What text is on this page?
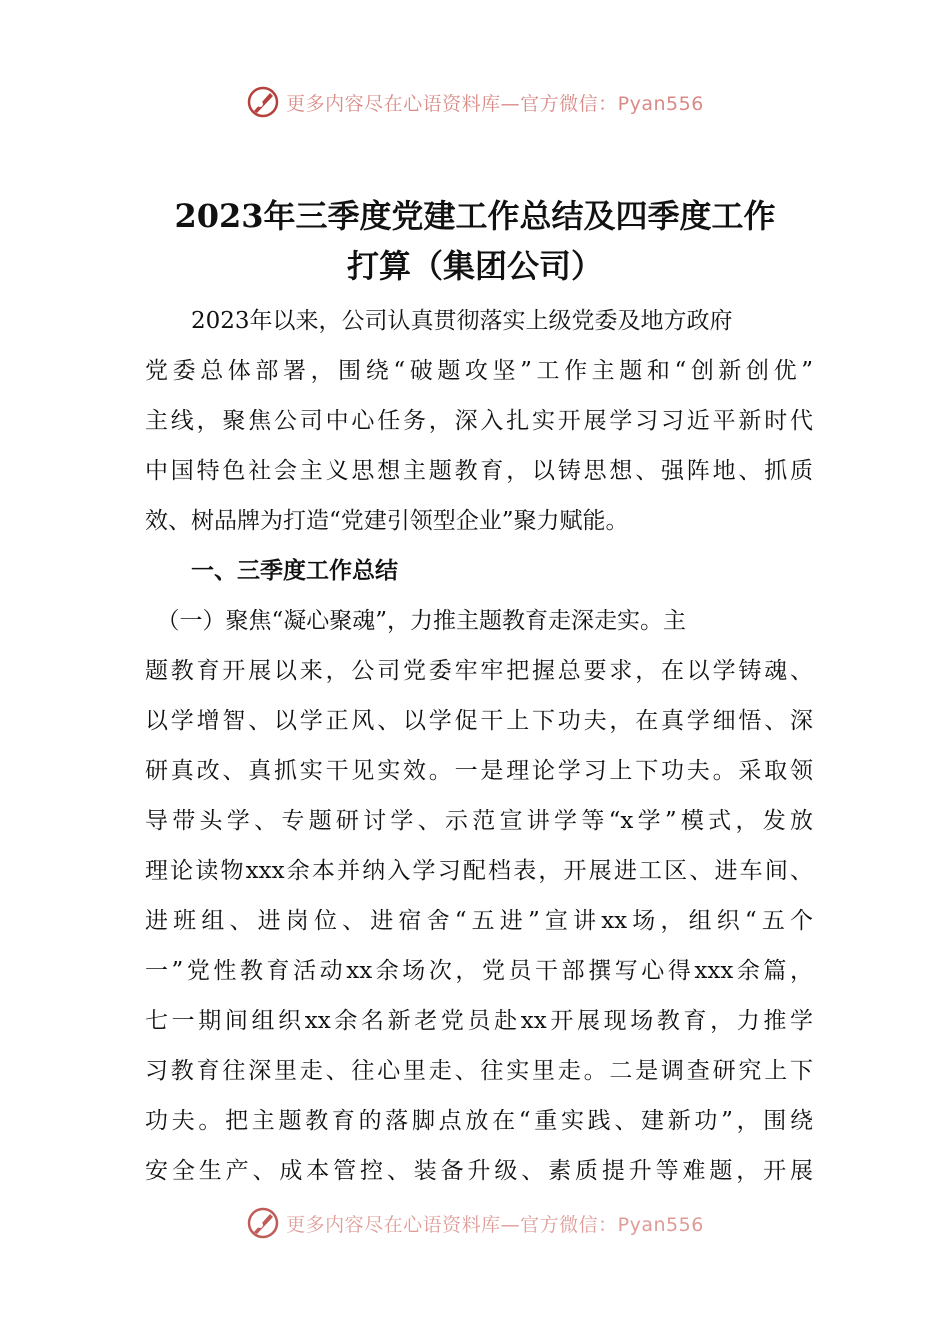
更多内容尽在心语资料库—官方微信：Pyan556
2023年三季度党建工作总结及四季度工作
打算（集团公司）
　　2023年以来，公司认真贯彻落实上级党委及地方政府
党委总体部署，围绕“破题攻坚”工作主题和“创新创优”
主线，聚焦公司中心任务，深入扎实开展学习习近平新时代
中国特色社会主义思想主题教育，以铸思想、强阵地、抓质
效、树品牌为打造“党建引领型企业”聚力赋能。
　　一、三季度工作总结
　（一）聚焦“凝心聚魂”，力推主题教育走深走实。主
题教育开展以来，公司党委牢牢把握总要求，在以学铸魂、
以学增智、以学正风、以学促干上下功夫，在真学细悟、深
研真改、真抓实干见实效。一是理论学习上下功夫。采取领
导带头学、专题研讨学、示范宣讲学等“x学”模式，发放
理论读物xxx余本并纳入学习配档表，开展进工区、进车间、
进班组、进岗位、进宿舍“五进”宣讲xx场，组织“五个
一”党性教育活动xx余场次，党员干部撰写心得xxx余篇，
七一期间组织xx余名新老党员赴xx开展现场教育，力推学
习教育往深里走、往心里走、往实里走。二是调查研究上下
功夫。把主题教育的落脚点放在“重实践、建新功”，围绕
安全生产、成本管控、装备升级、素质提升等难题，开展
更多内容尽在心语资料库—官方微信：Pyan556
